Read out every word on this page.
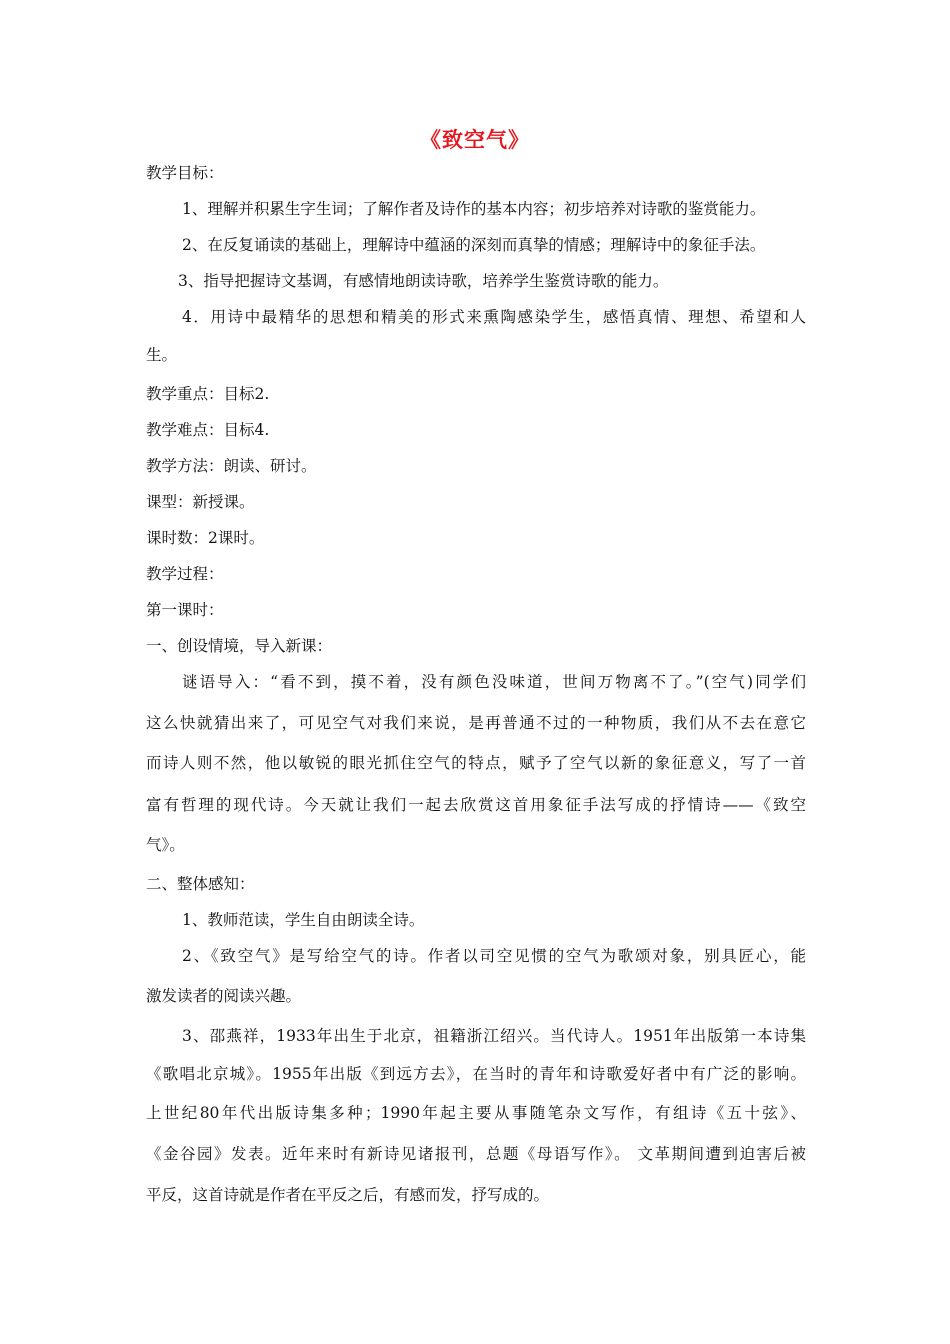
《致空气》
教学目标：
1、理解并积累生字生词；了解作者及诗作的基本内容；初步培养对诗歌的鉴赏能力。
2、在反复诵读的基础上，理解诗中蕴涵的深刻而真挚的情感；理解诗中的象征手法。
3、指导把握诗文基调，有感情地朗读诗歌，培养学生鉴赏诗歌的能力。
4．用诗中最精华的思想和精美的形式来熏陶感染学生，感悟真情、理想、希望和人
生。
教学重点：目标2.
教学难点：目标4.
教学方法：朗读、研讨。
课型：新授课。
课时数：2课时。
教学过程：
第一课时：
一、创设情境，导入新课：
谜语导入：“看不到，摸不着，没有颜色没味道，世间万物离不了。”(空气)同学们
这么快就猜出来了，可见空气对我们来说，是再普通不过的一种物质，我们从不去在意它
而诗人则不然，他以敏锐的眼光抓住空气的特点，赋予了空气以新的象征意义，写了一首
富有哲理的现代诗。今天就让我们一起去欣赏这首用象征手法写成的抒情诗——《致空
气》。
二、整体感知：
1、教师范读，学生自由朗读全诗。
2、《致空气》是写给空气的诗。作者以司空见惯的空气为歌颂对象，别具匠心，能
激发读者的阅读兴趣。
3、邵燕祥，1933年出生于北京，祖籍浙江绍兴。当代诗人。1951年出版第一本诗集
《歌唱北京城》。1955年出版《到远方去》，在当时的青年和诗歌爱好者中有广泛的影响。
上世纪80年代出版诗集多种；1990年起主要从事随笔杂文写作，有组诗《五十弦》、
《金谷园》发表。近年来时有新诗见诸报刊，总题《母语写作》。 文革期间遭到迫害后被
平反，这首诗就是作者在平反之后，有感而发，抒写成的。
